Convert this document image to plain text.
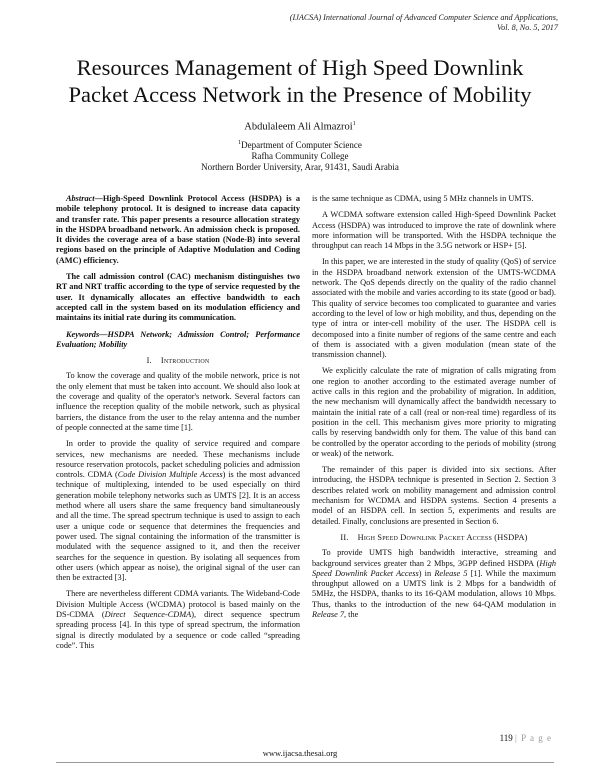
(IJACSA) International Journal of Advanced Computer Science and Applications,
Vol. 8, No. 5, 2017
Resources Management of High Speed Downlink
Packet Access Network in the Presence of Mobility
Abdulaleem Ali Almazroi$^1$
$^1$Department of Computer Science
Rafha Community College
Northern Border University, Arar, 91431, Saudi Arabia

Abstract—High-Speed Downlink Protocol Access (HSDPA) is a mobile telephony protocol. It is designed to increase data capacity and transfer rate. This paper presents a resource allocation strategy in the HSDPA broadband network. An admission check is proposed. It divides the coverage area of a base station (Node-B) into several regions based on the principle of Adaptive Modulation and Coding (AMC) efficiency.

The call admission control (CAC) mechanism distinguishes two RT and NRT traffic according to the type of service requested by the user. It dynamically allocates an effective bandwidth to each accepted call in the system based on its modulation efficiency and maintains its initial rate during its communication.

Keywords—HSDPA Network; Admission Control; Performance Evaluation; Mobility

I. Introduction

To know the coverage and quality of the mobile network, price is not the only element that must be taken into account. We should also look at the coverage and quality of the operator's network. Several factors can influence the reception quality of the mobile network, such as physical barriers, the distance from the user to the relay antenna and the number of people connected at the same time [1].

In order to provide the quality of service required and compare services, new mechanisms are needed. These mechanisms include resource reservation protocols, packet scheduling policies and admission controls. CDMA (Code Division Multiple Access) is the most advanced technique of multiplexing, intended to be used especially on third generation mobile telephony networks such as UMTS [2]. It is an access method where all users share the same frequency band simultaneously and all the time. The spread spectrum technique is used to assign to each user a unique code or sequence that determines the frequencies and power used. The signal containing the information of the transmitter is modulated with the sequence assigned to it, and then the receiver searches for the sequence in question. By isolating all sequences from other users (which appear as noise), the original signal of the user can then be extracted [3].

There are nevertheless different CDMA variants. The Wideband-Code Division Multiple Access (WCDMA) protocol is based mainly on the DS-CDMA (Direct Sequence-CDMA), direct sequence spectrum spreading process [4]. In this type of spread spectrum, the information signal is directly modulated by a sequence or code called “spreading code”. This

is the same technique as CDMA, using 5 MHz channels in UMTS.

A WCDMA software extension called High-Speed Downlink Packet Access (HSDPA) was introduced to improve the rate of downlink where more information will be transported. With the HSDPA technique the throughput can reach 14 Mbps in the 3.5G network or HSP+ [5].

In this paper, we are interested in the study of quality (QoS) of service in the HSDPA broadband network extension of the UMTS-WCDMA network. The QoS depends directly on the quality of the radio channel associated with the mobile and varies according to its state (good or bad). This quality of service becomes too complicated to guarantee and varies according to the level of low or high mobility, and thus, depending on the type of intra or inter-cell mobility of the user. The HSDPA cell is decomposed into a finite number of regions of the same centre and each of them is associated with a given modulation (mean state of the transmission channel).

We explicitly calculate the rate of migration of calls migrating from one region to another according to the estimated average number of active calls in this region and the probability of migration. In addition, the new mechanism will dynamically affect the bandwidth necessary to maintain the initial rate of a call (real or non-real time) regardless of its position in the cell. This mechanism gives more priority to migrating calls by reserving bandwidth only for them. The value of this band can be controlled by the operator according to the periods of mobility (strong or weak) of the network.

The remainder of this paper is divided into six sections. After introducing, the HSDPA technique is presented in Section 2. Section 3 describes related work on mobility management and admission control mechanism for WCDMA and HSDPA systems. Section 4 presents a model of an HSDPA cell. In section 5, experiments and results are detailed. Finally, conclusions are presented in Section 6.

II. High Speed Downlink Packet Access (HSDPA)

To provide UMTS high bandwidth interactive, streaming and background services greater than 2 Mbps, 3GPP defined HSDPA (High Speed Downlink Packet Access) in Release 5 [1]. While the maximum throughput allowed on a UMTS link is 2 Mbps for a bandwidth of 5MHz, the HSDPA, thanks to its 16-QAM modulation, allows 10 Mbps. Thus, thanks to the introduction of the new 64-QAM modulation in Release 7, the

119 | P a g e
www.ijacsa.thesai.org
